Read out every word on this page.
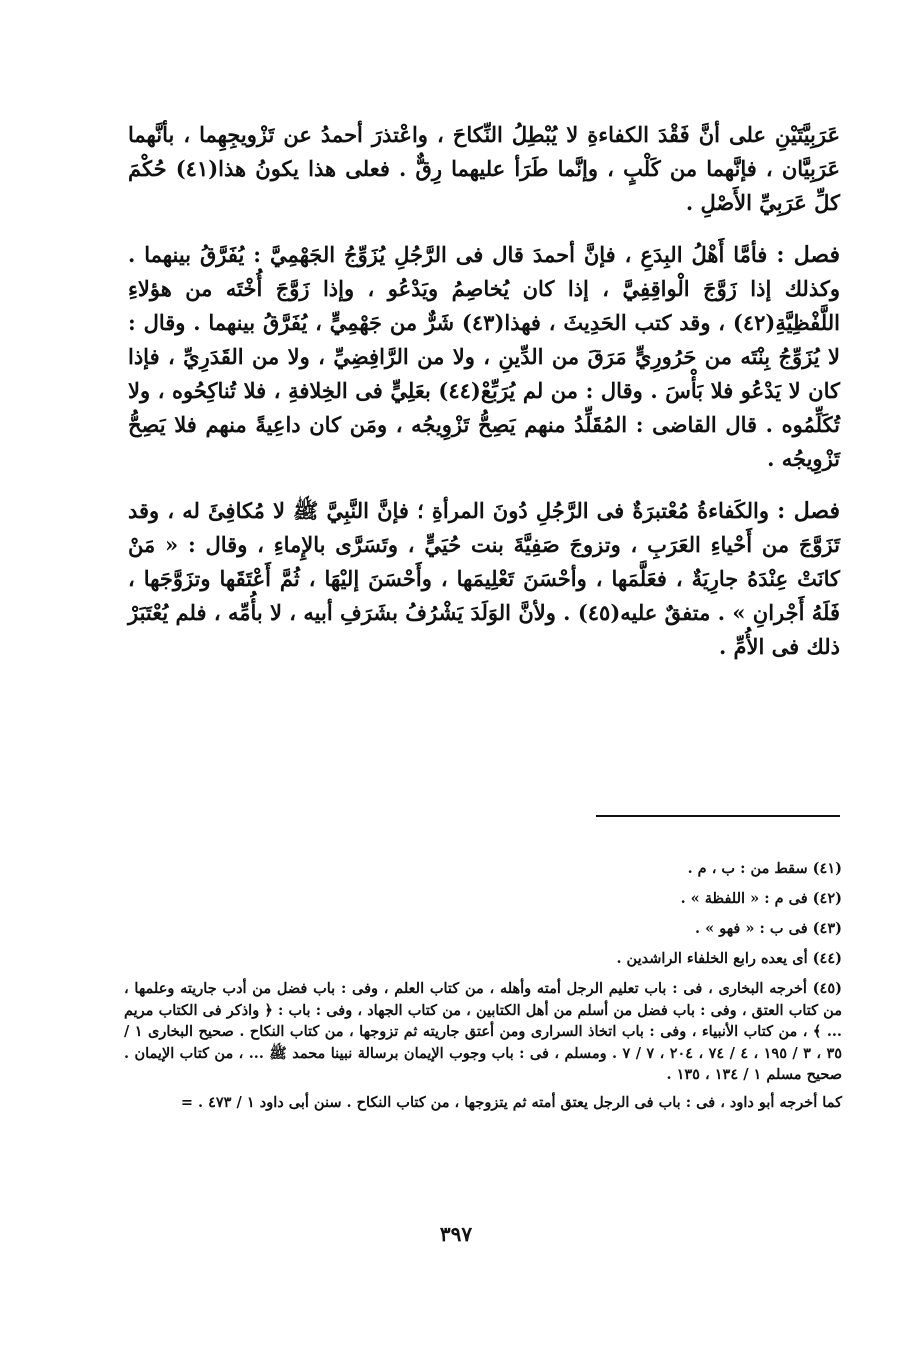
عَرَبِيَّتَيْنِ على أنَّ فَقْدَ الكفاءةِ لا يُبْطِلُ النِّكاحَ ، واعْتذرَ أحمدُ عن تَزْويجِهِما ، بأنَّهما عَرَبِيَّان ، فإنَّهما من كَلْبٍ ، وإنَّما طَرَأ عليهما رِقٌّ . فعلى هذا يكونُ هذا(٤١) حُكْمَ كلِّ عَرَبِيِّ الأَصْلِ .

فصل : فأمَّا أَهْلُ البِدَعِ ، فإنَّ أحمدَ قال فى الرَّجُلِ يُزَوِّجُ الجَهْمِيَّ : يُفَرَّقُ بينهما . وكذلك إذا زَوَّجَ الْواقِفِيَّ ، إذا كان يُخاصِمُ ويَدْعُو ، وإذا زَوَّجَ أُخْتَه من هؤلاءِ اللَّفْظِيَّةِ(٤٢) ، وقد كتب الحَدِيثَ ، فهذا(٤٣) شَرٌّ من جَهْمِيٍّ ، يُفَرَّقُ بينهما . وقال : لا يُزَوِّجُ بِنْتَه من حَرُورِيٍّ مَرَقَ من الدِّينِ ، ولا من الرَّافِضِيِّ ، ولا من القَدَرِيِّ ، فإذا كان لا يَدْعُو فلا بَأْسَ . وقال : من لم يُرَبِّعْ(٤٤) بعَلِيٍّ فى الخِلافةِ ، فلا تُناكِحُوه ، ولا تُكَلِّمُوه . قال القاضى : المُقَلِّدُ منهم يَصِحُّ تَزْوِيجُه ، ومَن كان داعِيةً منهم فلا يَصِحُّ تَزْوِيجُه .

فصل : والكَفاءةُ مُعْتبرَةٌ فى الرَّجُلِ دُونَ المرأةِ ؛ فإنَّ النَّبِيَّ ﷺ لا مُكافِئَ له ، وقد تَزَوَّجَ من أَحْياءِ العَرَبِ ، وتزوجَ صَفِيَّةَ بنت حُيَيٍّ ، وتَسَرَّى بالإِماءِ ، وقال : « مَنْ كانَتْ عِنْدَهُ جارِيَةٌ ، فعَلَّمَها ، وأحْسَنَ تَعْلِيمَها ، وأَحْسَنَ إليْهَا ، ثُمَّ أَعْتَقَها وتزَوَّجَها ، فَلَهُ أَجْرانِ » . متفقٌ عليه(٤٥) . ولأنَّ الوَلَدَ يَشْرُفُ بشَرَفِ أبيه ، لا بأُمِّه ، فلم يُعْتَبَرْ ذلك فى الأُمِّ .

(٤١) سقط من : ب ، م .
(٤٢) فى م : « اللفظة » .
(٤٣) فى ب : « فهو » .
(٤٤) أى يعده رابع الخلفاء الراشدين .
(٤٥) أخرجه البخارى ، فى : باب تعليم الرجل أمته وأهله ، من كتاب العلم ، وفى : باب فضل من أدب جاريته وعلمها ، من كتاب العتق ، وفى : باب فضل من أسلم من أهل الكتابين ، من كتاب الجهاد ، وفى : باب : ﴿ واذكر فى الكتاب مريم ... ﴾ ، من كتاب الأنبياء ، وفى : باب اتخاذ السرارى ومن أعتق جاريته ثم تزوجها ، من كتاب النكاح . صحيح البخارى ١ / ٣٥ ، ٣ / ١٩٥ ، ٤ / ٧٤ ، ٢٠٤ ، ٧ / ٧ . ومسلم ، فى : باب وجوب الإيمان برسالة نبينا محمد ﷺ ... ، من كتاب الإيمان . صحيح مسلم ١ / ١٣٤ ، ١٣٥ .
كما أخرجه أبو داود ، فى : باب فى الرجل يعتق أمته ثم يتزوجها ، من كتاب النكاح . سنن أبى داود ١ / ٤٧٣ . =
٣٩٧
